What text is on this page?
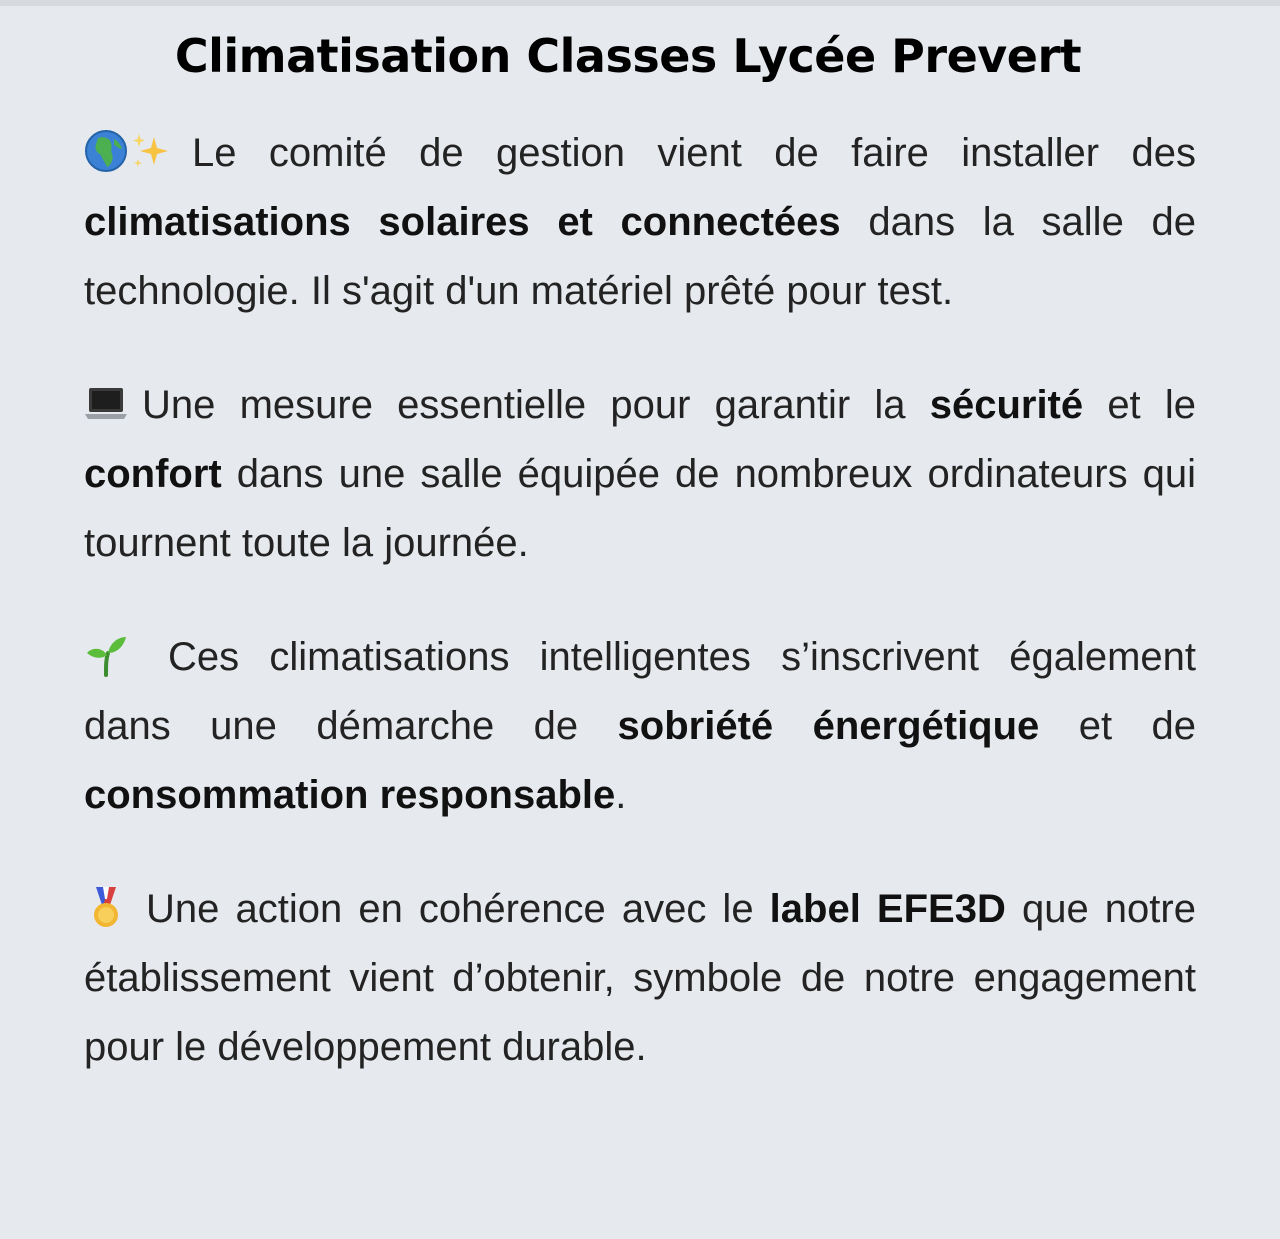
Climatisation Classes Lycée Prevert

Le comité de gestion vient de faire installer des climatisations solaires et connectées dans la salle de technologie. Il s'agit d'un matériel prêté pour test.

Une mesure essentielle pour garantir la sécurité et le confort dans une salle équipée de nombreux ordinateurs qui tournent toute la journée.

Ces climatisations intelligentes s’inscrivent également dans une démarche de sobriété énergétique et de consommation responsable.

Une action en cohérence avec le label EFE3D que notre établissement vient d’obtenir, symbole de notre engagement pour le développement durable.
